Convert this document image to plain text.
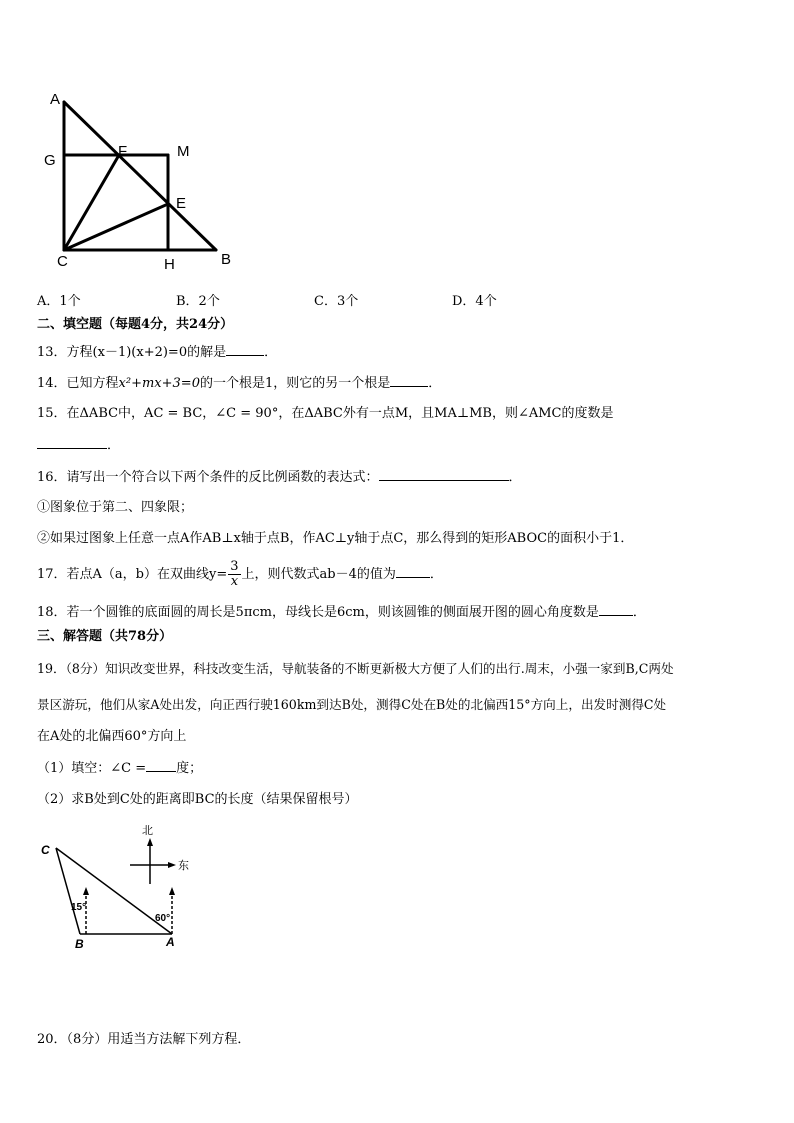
A
G
F	M
E
C	H	B
A．1个	B．2个	C．3个	D．4个
二、填空题（每题4分，共24分）
13．方程(x－1)(x+2)=0的解是	．
14．已知方程x²+mx+3=0的一个根是1，则它的另一个根是	．
15．在ΔABC中，AC = BC，∠C = 90°，在ΔABC外有一点M，且MA⊥MB，则∠AMC的度数是
．
16．请写出一个符合以下两个条件的反比例函数的表达式：	．
①图象位于第二、四象限；
②如果过图象上任意一点A作AB⊥x轴于点B，作AC⊥y轴于点C，那么得到的矩形ABOC的面积小于1．
17．若点A（a，b）在双曲线$y= \frac{3}{x}$ 上，则代数式ab－4的值为	．
18．若一个圆锥的底面圆的周长是5πcm，母线长是6cm，则该圆锥的侧面展开图的圆心角度数是	．
三、解答题（共78分）
19．（8分）知识改变世界，科技改变生活，导航装备的不断更新极大方便了人们的出行.周末，小强一家到B,C两处
景区游玩，他们从家A处出发，向正西行驶160km到达B处，测得C处在B处的北偏西15°方向上，出发时测得C处
在A处的北偏西60°方向上
（1）填空：∠C = 度；
（2）求B处到C处的距离即BC的长度（结果保留根号）
C
B	A
北
东
15°
60°
20．（8分）用适当方法解下列方程．
